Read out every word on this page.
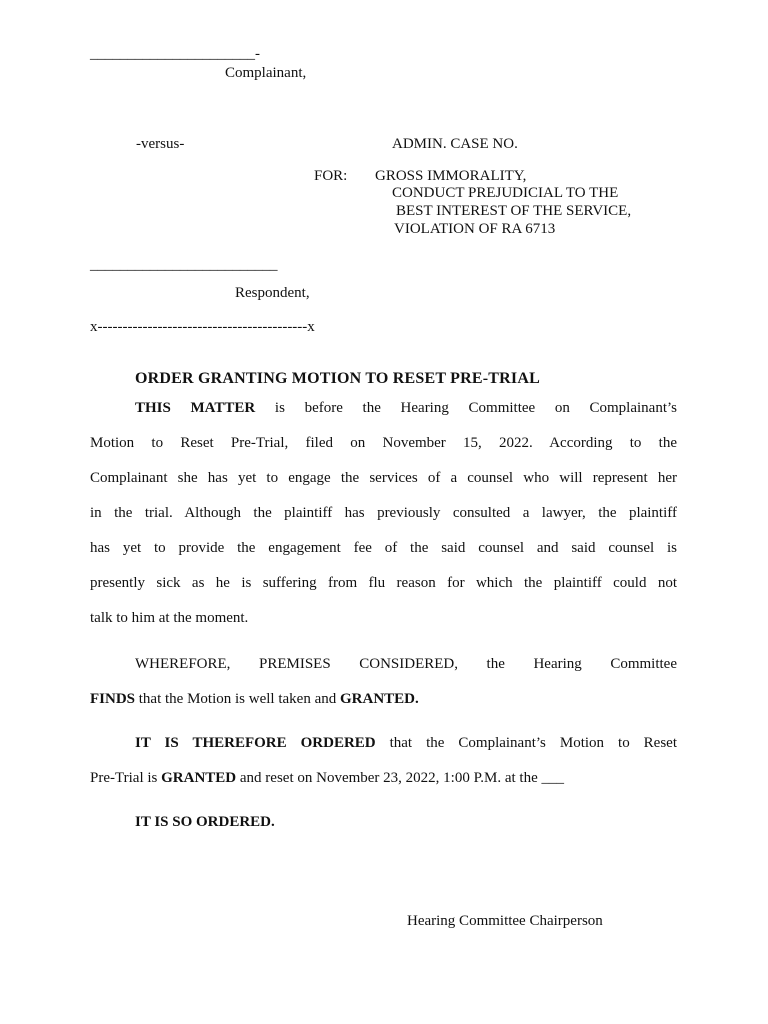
______________________-
Complainant,
-versus-	ADMIN. CASE NO.
FOR: GROSS IMMORALITY,
CONDUCT PREJUDICIAL TO THE
BEST INTEREST OF THE SERVICE,
VIOLATION OF RA 6713
_________________________
Respondent,
x------------------------------------------x
ORDER GRANTING MOTION TO RESET PRE-TRIAL
THIS MATTER is before the Hearing Committee on Complainant’s
Motion to Reset Pre-Trial, filed on November 15, 2022. According to the
Complainant she has yet to engage the services of a counsel who will represent her
in the trial. Although the plaintiff has previously consulted a lawyer, the plaintiff
has yet to provide the engagement fee of the said counsel and said counsel is
presently sick as he is suffering from flu reason for which the plaintiff could not
talk to him at the moment.
WHEREFORE, PREMISES CONSIDERED, the Hearing Committee
FINDS that the Motion is well taken and GRANTED.
IT IS THEREFORE ORDERED that the Complainant’s Motion to Reset
Pre-Trial is GRANTED and reset on November 23, 2022, 1:00 P.M. at the ___
IT IS SO ORDERED.
Hearing Committee Chairperson
